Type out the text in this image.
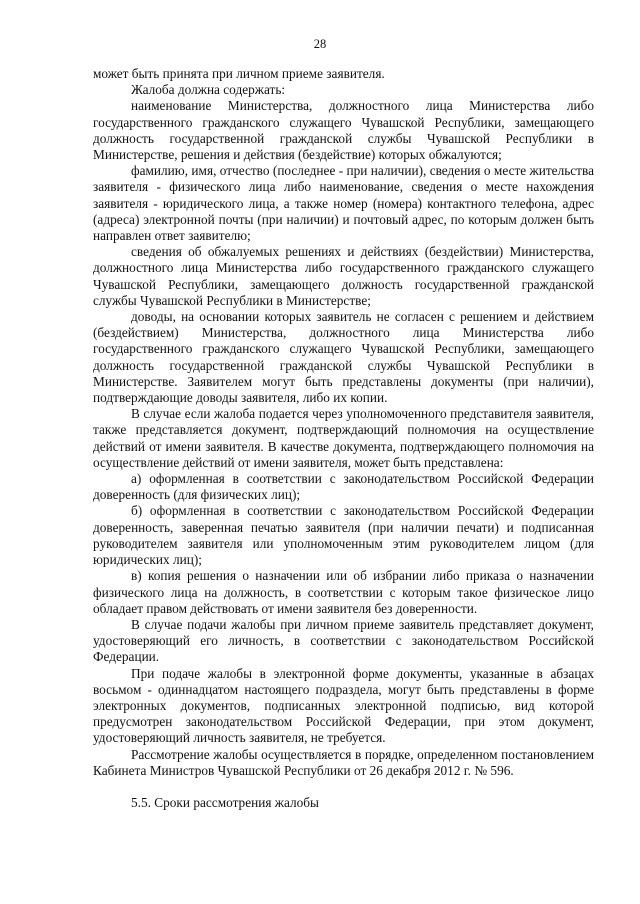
28

может быть принята при личном приеме заявителя.

Жалоба должна содержать:

наименование Министерства, должностного лица Министерства либо государственного гражданского служащего Чувашской Республики, замещающего должность государственной гражданской службы Чувашской Республики в Министерстве, решения и действия (бездействие) которых обжалуются;

фамилию, имя, отчество (последнее - при наличии), сведения о месте жительства заявителя - физического лица либо наименование, сведения о месте нахождения заявителя - юридического лица, а также номер (номера) контактного телефона, адрес (адреса) электронной почты (при наличии) и почтовый адрес, по которым должен быть направлен ответ заявителю;

сведения об обжалуемых решениях и действиях (бездействии) Министерства, должностного лица Министерства либо государственного гражданского служащего Чувашской Республики, замещающего должность государственной гражданской службы Чувашской Республики в Министерстве;

доводы, на основании которых заявитель не согласен с решением и действием (бездействием) Министерства, должностного лица Министерства либо государственного гражданского служащего Чувашской Республики, замещающего должность государственной гражданской службы Чувашской Республики в Министерстве. Заявителем могут быть представлены документы (при наличии), подтверждающие доводы заявителя, либо их копии.

В случае если жалоба подается через уполномоченного представителя заявителя, также представляется документ, подтверждающий полномочия на осуществление действий от имени заявителя. В качестве документа, подтверждающего полномочия на осуществление действий от имени заявителя, может быть представлена:

а) оформленная в соответствии с законодательством Российской Федерации доверенность (для физических лиц);

б) оформленная в соответствии с законодательством Российской Федерации доверенность, заверенная печатью заявителя (при наличии печати) и подписанная руководителем заявителя или уполномоченным этим руководителем лицом (для юридических лиц);

в) копия решения о назначении или об избрании либо приказа о назначении физического лица на должность, в соответствии с которым такое физическое лицо обладает правом действовать от имени заявителя без доверенности.

В случае подачи жалобы при личном приеме заявитель представляет документ, удостоверяющий его личность, в соответствии с законодательством Российской Федерации.

При подаче жалобы в электронной форме документы, указанные в абзацах восьмом - одиннадцатом настоящего подраздела, могут быть представлены в форме электронных документов, подписанных электронной подписью, вид которой предусмотрен законодательством Российской Федерации, при этом документ, удостоверяющий личность заявителя, не требуется.

Рассмотрение жалобы осуществляется в порядке, определенном постановлением Кабинета Министров Чувашской Республики от 26 декабря 2012 г. № 596.

5.5. Сроки рассмотрения жалобы
